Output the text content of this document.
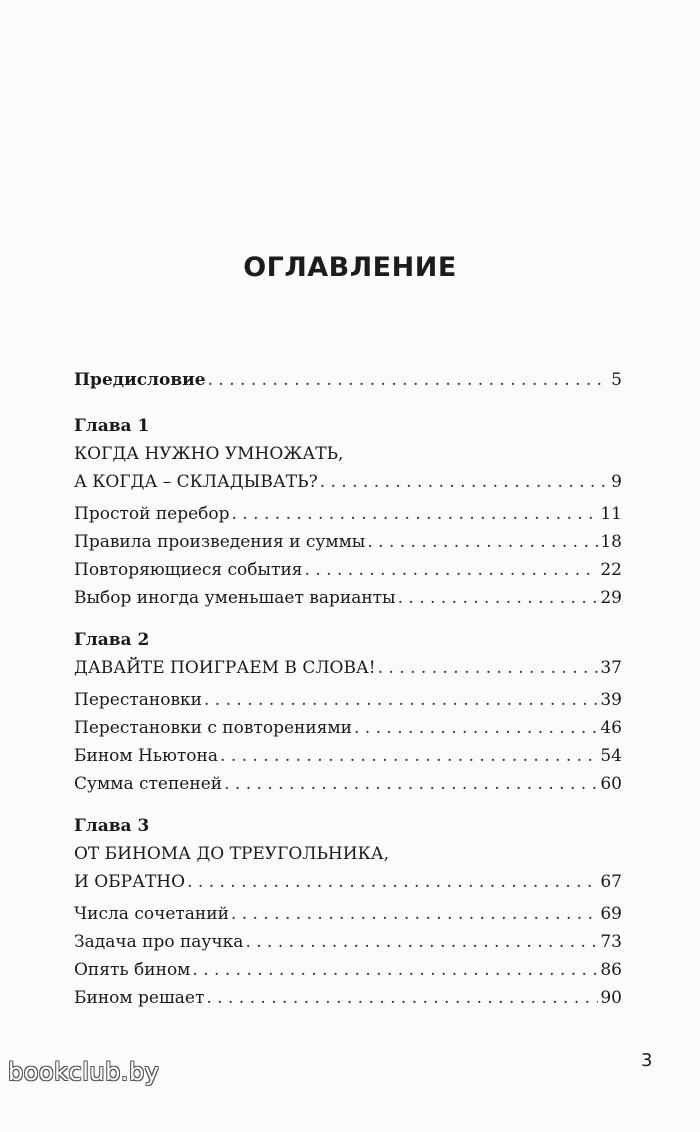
ОГЛАВЛЕНИЕ
Предисловие . . .	5
Глава 1
КОГДА НУЖНО УМНОЖАТЬ,
А КОГДА – СКЛАДЫВАТЬ? . . .	9
Простой перебор . . .	11
Правила произведения и суммы . . .	18
Повторяющиеся события . . .	22
Выбор иногда уменьшает варианты . . .	29
Глава 2
ДАВАЙТЕ ПОИГРАЕМ В СЛОВА! . . .	37
Перестановки . . .	39
Перестановки с повторениями . . .	46
Бином Ньютона . . .	54
Сумма степеней . . .	60
Глава 3
ОТ БИНОМА ДО ТРЕУГОЛЬНИКА,
И ОБРАТНО . . .	67
Числа сочетаний . . .	69
Задача про паучка . . .	73
Опять бином . . .	86
Бином решает . . .	90
3
bookclub.by
